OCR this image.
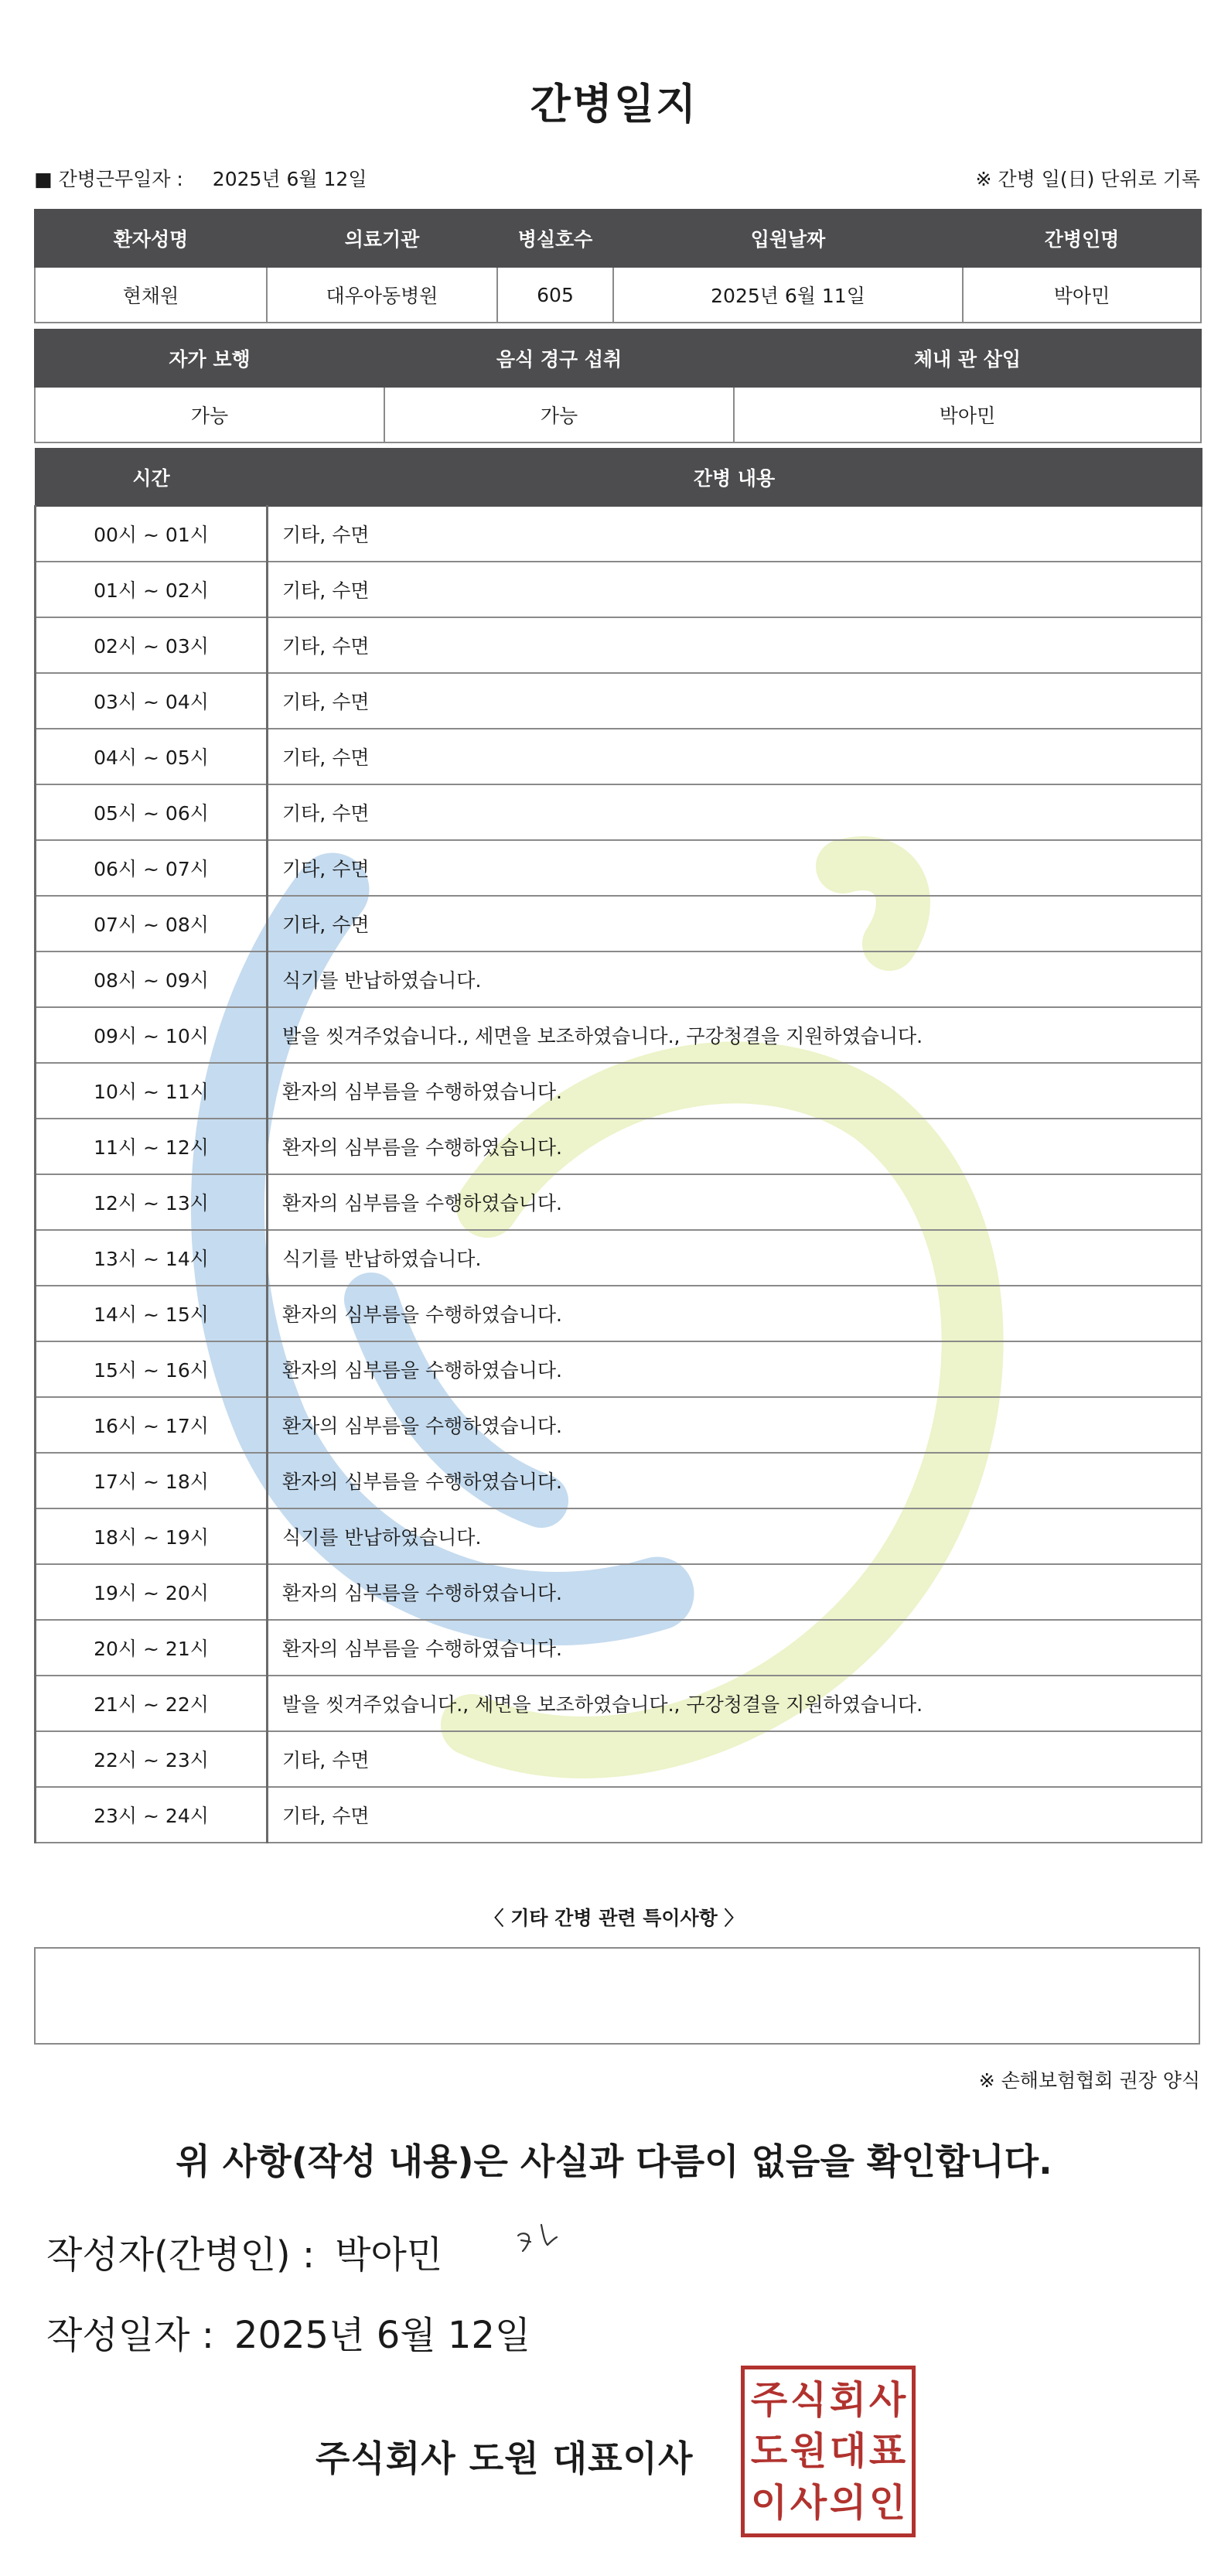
간병일지
■ 간병근무일자 : 2025년 6월 12일	※ 간병 일(日) 단위로 기록
환자성명	의료기관	병실호수	입원날짜	간병인명
현채원	대우아동병원	605	2025년 6월 11일	박아민
자가 보행	음식 경구 섭취	체내 관 삽입
가능	가능	박아민
시간	간병 내용
00시 ~ 01시	기타, 수면
01시 ~ 02시	기타, 수면
02시 ~ 03시	기타, 수면
03시 ~ 04시	기타, 수면
04시 ~ 05시	기타, 수면
05시 ~ 06시	기타, 수면
06시 ~ 07시	기타, 수면
07시 ~ 08시	기타, 수면
08시 ~ 09시	식기를 반납하였습니다.
09시 ~ 10시	발을 씻겨주었습니다., 세면을 보조하였습니다., 구강청결을 지원하였습니다.
10시 ~ 11시	환자의 심부름을 수행하였습니다.
11시 ~ 12시	환자의 심부름을 수행하였습니다.
12시 ~ 13시	환자의 심부름을 수행하였습니다.
13시 ~ 14시	식기를 반납하였습니다.
14시 ~ 15시	환자의 심부름을 수행하였습니다.
15시 ~ 16시	환자의 심부름을 수행하였습니다.
16시 ~ 17시	환자의 심부름을 수행하였습니다.
17시 ~ 18시	환자의 심부름을 수행하였습니다.
18시 ~ 19시	식기를 반납하였습니다.
19시 ~ 20시	환자의 심부름을 수행하였습니다.
20시 ~ 21시	환자의 심부름을 수행하였습니다.
21시 ~ 22시	발을 씻겨주었습니다., 세면을 보조하였습니다., 구강청결을 지원하였습니다.
22시 ~ 23시	기타, 수면
23시 ~ 24시	기타, 수면
〈 기타 간병 관련 특이사항 〉
※ 손해보험협회 권장 양식
위 사항(작성 내용)은 사실과 다름이 없음을 확인합니다.
작성자(간병인) : 박아민
작성일자 : 2025년 6월 12일
주식회사 도원 대표이사
주 식 회 사
도 원 대 표
이 사 의 인
